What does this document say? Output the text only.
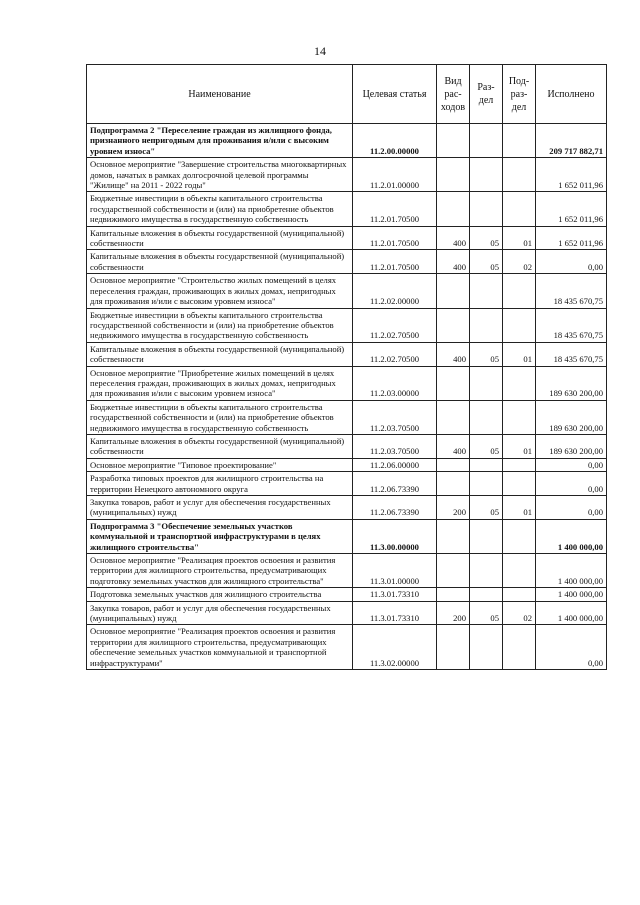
14
Наименование	Целевая статья	Вид рас-ходов	Раз-дел	Под-раз-дел	Исполнено
Подпрограмма 2 "Переселение граждан из жилищного фонда, признанного непригодным для проживания и/или с высоким уровнем износа"	11.2.00.00000				209 717 882,71
Основное мероприятие "Завершение строительства многоквартирных домов, начатых в рамках долгосрочной целевой программы "Жилище" на 2011 - 2022 годы"	11.2.01.00000				1 652 011,96
Бюджетные инвестиции в объекты капитального строительства государственной собственности и (или) на приобретение объектов недвижимого имущества в государственную собственность	11.2.01.70500				1 652 011,96
Капитальные вложения в объекты государственной (муниципальной) собственности	11.2.01.70500	400	05	01	1 652 011,96
Капитальные вложения в объекты государственной (муниципальной) собственности	11.2.01.70500	400	05	02	0,00
Основное мероприятие "Строительство жилых помещений в целях переселения граждан, проживающих в жилых домах, непригодных для проживания и/или с высоким уровнем износа"	11.2.02.00000				18 435 670,75
Бюджетные инвестиции в объекты капитального строительства государственной собственности и (или) на приобретение объектов недвижимого имущества в государственную собственность	11.2.02.70500				18 435 670,75
Капитальные вложения в объекты государственной (муниципальной) собственности	11.2.02.70500	400	05	01	18 435 670,75
Основное мероприятие "Приобретение жилых помещений в целях переселения граждан, проживающих в жилых домах, непригодных для проживания и/или с высоким уровнем износа"	11.2.03.00000				189 630 200,00
Бюджетные инвестиции в объекты капитального строительства государственной собственности и (или) на приобретение объектов недвижимого имущества в государственную собственность	11.2.03.70500				189 630 200,00
Капитальные вложения в объекты государственной (муниципальной) собственности	11.2.03.70500	400	05	01	189 630 200,00
Основное мероприятие "Типовое проектирование"	11.2.06.00000				0,00
Разработка типовых проектов для жилищного строительства на территории Ненецкого автономного округа	11.2.06.73390				0,00
Закупка товаров, работ и услуг для обеспечения государственных (муниципальных) нужд	11.2.06.73390	200	05	01	0,00
Подпрограмма 3 "Обеспечение земельных участков коммунальной и транспортной инфраструктурами в целях жилищного строительства"	11.3.00.00000				1 400 000,00
Основное мероприятие "Реализация проектов освоения и развития территории для жилищного строительства, предусматривающих подготовку земельных участков для жилищного строительства"	11.3.01.00000				1 400 000,00
Подготовка земельных участков для жилищного строительства	11.3.01.73310				1 400 000,00
Закупка товаров, работ и услуг для обеспечения государственных (муниципальных) нужд	11.3.01.73310	200	05	02	1 400 000,00
Основное мероприятие "Реализация проектов освоения и развития территории для жилищного строительства, предусматривающих обеспечение земельных участков коммунальной и транспортной инфраструктурами"	11.3.02.00000				0,00
